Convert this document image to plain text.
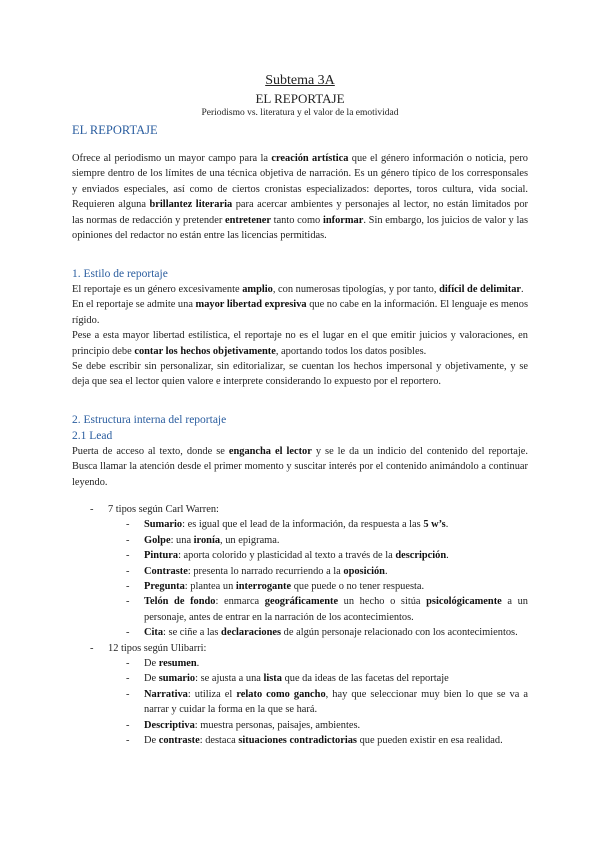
Subtema 3A
EL REPORTAJE
Periodismo vs. literatura y el valor de la emotividad
EL REPORTAJE

Ofrece al periodismo un mayor campo para la creación artística que el género información o noticia, pero siempre dentro de los límites de una técnica objetiva de narración. Es un género típico de los corresponsales y enviados especiales, así como de ciertos cronistas especializados: deportes, toros cultura, vida social. Requieren alguna brillantez literaria para acercar ambientes y personajes al lector, no están limitados por las normas de redacción y pretender entretener tanto como informar. Sin embargo, los juicios de valor y las opiniones del redactor no están entre las licencias permitidas.

1. Estilo de reportaje

El reportaje es un género excesivamente amplio, con numerosas tipologías, y por tanto, difícil de delimitar.

En el reportaje se admite una mayor libertad expresiva que no cabe en la información. El lenguaje es menos rígido.

Pese a esta mayor libertad estilística, el reportaje no es el lugar en el que emitir juicios y valoraciones, en principio debe contar los hechos objetivamente, aportando todos los datos posibles.

Se debe escribir sin personalizar, sin editorializar, se cuentan los hechos impersonal y objetivamente, y se deja que sea el lector quien valore e interprete considerando lo expuesto por el reportero.

2. Estructura interna del reportaje
2.1 Lead

Puerta de acceso al texto, donde se engancha el lector y se le da un indicio del contenido del reportaje. Busca llamar la atención desde el primer momento y suscitar interés por el contenido animándolo a continuar leyendo.

- 7 tipos según Carl Warren:
- Sumario: es igual que el lead de la información, da respuesta a las 5 w’s.
- Golpe: una ironía, un epigrama.
- Pintura: aporta colorido y plasticidad al texto a través de la descripción.
- Contraste: presenta lo narrado recurriendo a la oposición.
- Pregunta: plantea un interrogante que puede o no tener respuesta.
- Telón de fondo: enmarca geográficamente un hecho o sitúa psicológicamente a un personaje, antes de entrar en la narración de los acontecimientos.
- Cita: se ciñe a las declaraciones de algún personaje relacionado con los acontecimientos.
- 12 tipos según Ulibarri:
- De resumen.
- De sumario: se ajusta a una lista que da ideas de las facetas del reportaje
- Narrativa: utiliza el relato como gancho, hay que seleccionar muy bien lo que se va a narrar y cuidar la forma en la que se hará.
- Descriptiva: muestra personas, paisajes, ambientes.
- De contraste: destaca situaciones contradictorias que pueden existir en esa realidad.
